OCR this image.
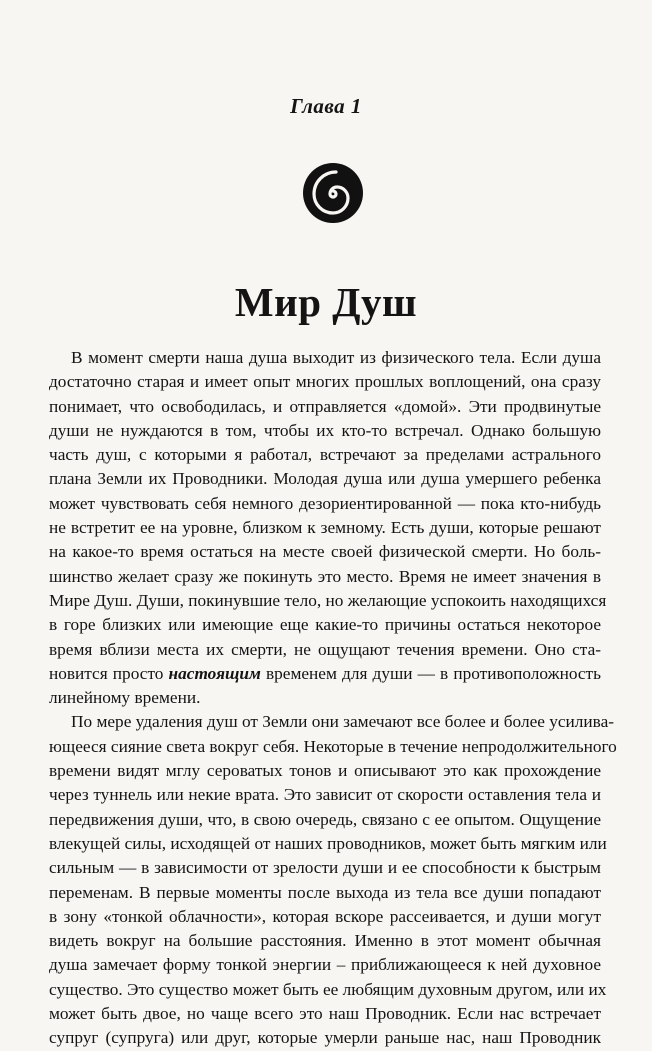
Глава 1
Мир Душ
В момент смерти наша душа выходит из физического тела. Если душа
достаточно старая и имеет опыт многих прошлых воплощений, она сразу
понимает, что освободилась, и отправляется «домой». Эти продвинутые
души не нуждаются в том, чтобы их кто-то встречал. Однако большую
часть душ, с которыми я работал, встречают за пределами астрального
плана Земли их Проводники. Молодая душа или душа умершего ребенка
может чувствовать себя немного дезориентированной — пока кто-нибудь
не встретит ее на уровне, близком к земному. Есть души, которые решают
на какое-то время остаться на месте своей физической смерти. Но боль-
шинство желает сразу же покинуть это место. Время не имеет значения в
Мире Душ. Души, покинувшие тело, но желающие успокоить находящихся
в горе близких или имеющие еще какие-то причины остаться некоторое
время вблизи места их смерти, не ощущают течения времени. Оно ста-
новится просто настоящим временем для души — в противоположность
линейному времени.
По мере удаления душ от Земли они замечают все более и более усилива-
ющееся сияние света вокруг себя. Некоторые в течение непродолжительного
времени видят мглу сероватых тонов и описывают это как прохождение
через туннель или некие врата. Это зависит от скорости оставления тела и
передвижения души, что, в свою очередь, связано с ее опытом. Ощущение
влекущей силы, исходящей от наших проводников, может быть мягким или
сильным — в зависимости от зрелости души и ее способности к быстрым
переменам. В первые моменты после выхода из тела все души попадают
в зону «тонкой облачности», которая вскоре рассеивается, и души могут
видеть вокруг на большие расстояния. Именно в этот момент обычная
душа замечает форму тонкой энергии – приближающееся к ней духовное
существо. Это существо может быть ее любящим духовным другом, или их
может быть двое, но чаще всего это наш Проводник. Если нас встречает
супруг (супруга) или друг, которые умерли раньше нас, наш Проводник
